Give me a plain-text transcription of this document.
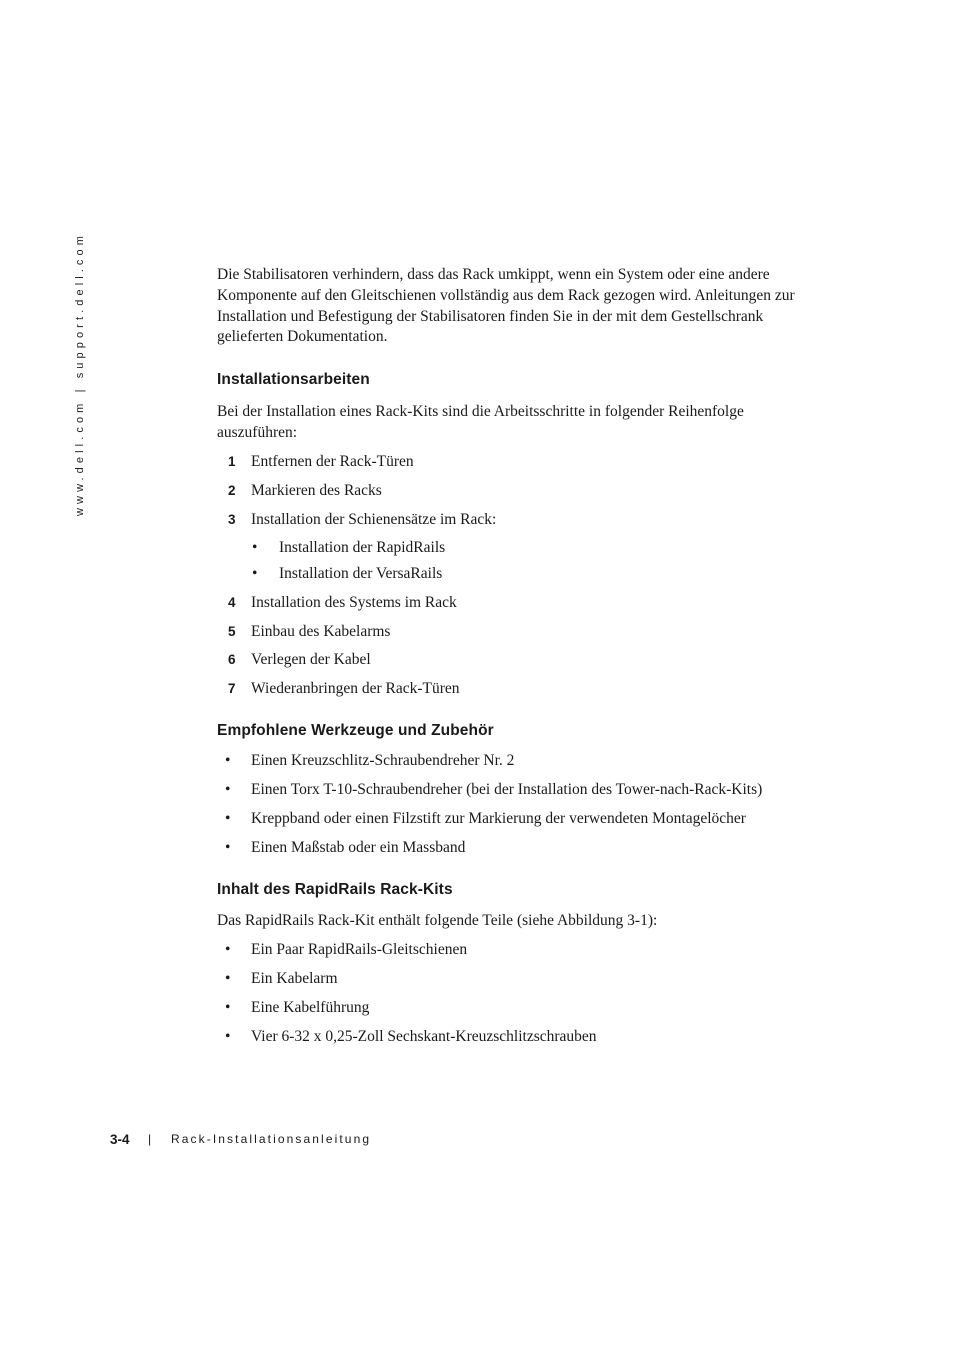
www.dell.com | support.dell.com	Die Stabilisatoren verhindern, dass das Rack umkippt, wenn ein System oder eine andere Komponente auf den Gleitschienen vollständig aus dem Rack gezogen wird. Anleitungen zur Installation und Befestigung der Stabilisatoren finden Sie in der mit dem Gestellschrank gelieferten Dokumentation.

Installationsarbeiten

Bei der Installation eines Rack-Kits sind die Arbeitsschritte in folgender Reihenfolge auszuführen:

1 Entfernen der Rack-Türen
2 Markieren des Racks
3 Installation der Schienensätze im Rack:
• Installation der RapidRails
• Installation der VersaRails
4 Installation des Systems im Rack
5 Einbau des Kabelarms
6 Verlegen der Kabel
7 Wiederanbringen der Rack-Türen
Empfohlene Werkzeuge und Zubehör
• Einen Kreuzschlitz-Schraubendreher Nr. 2
• Einen Torx T-10-Schraubendreher (bei der Installation des Tower-nach-Rack-Kits)
• Kreppband oder einen Filzstift zur Markierung der verwendeten Montagelöcher
• Einen Maßstab oder ein Massband
Inhalt des RapidRails Rack-Kits

Das RapidRails Rack-Kit enthält folgende Teile (siehe Abbildung 3-1):

• Ein Paar RapidRails-Gleitschienen
• Ein Kabelarm
• Eine Kabelführung
• Vier 6-32 x 0,25-Zoll Sechskant-Kreuzschlitzschrauben
3-4 | Rack-Installationsanleitung
